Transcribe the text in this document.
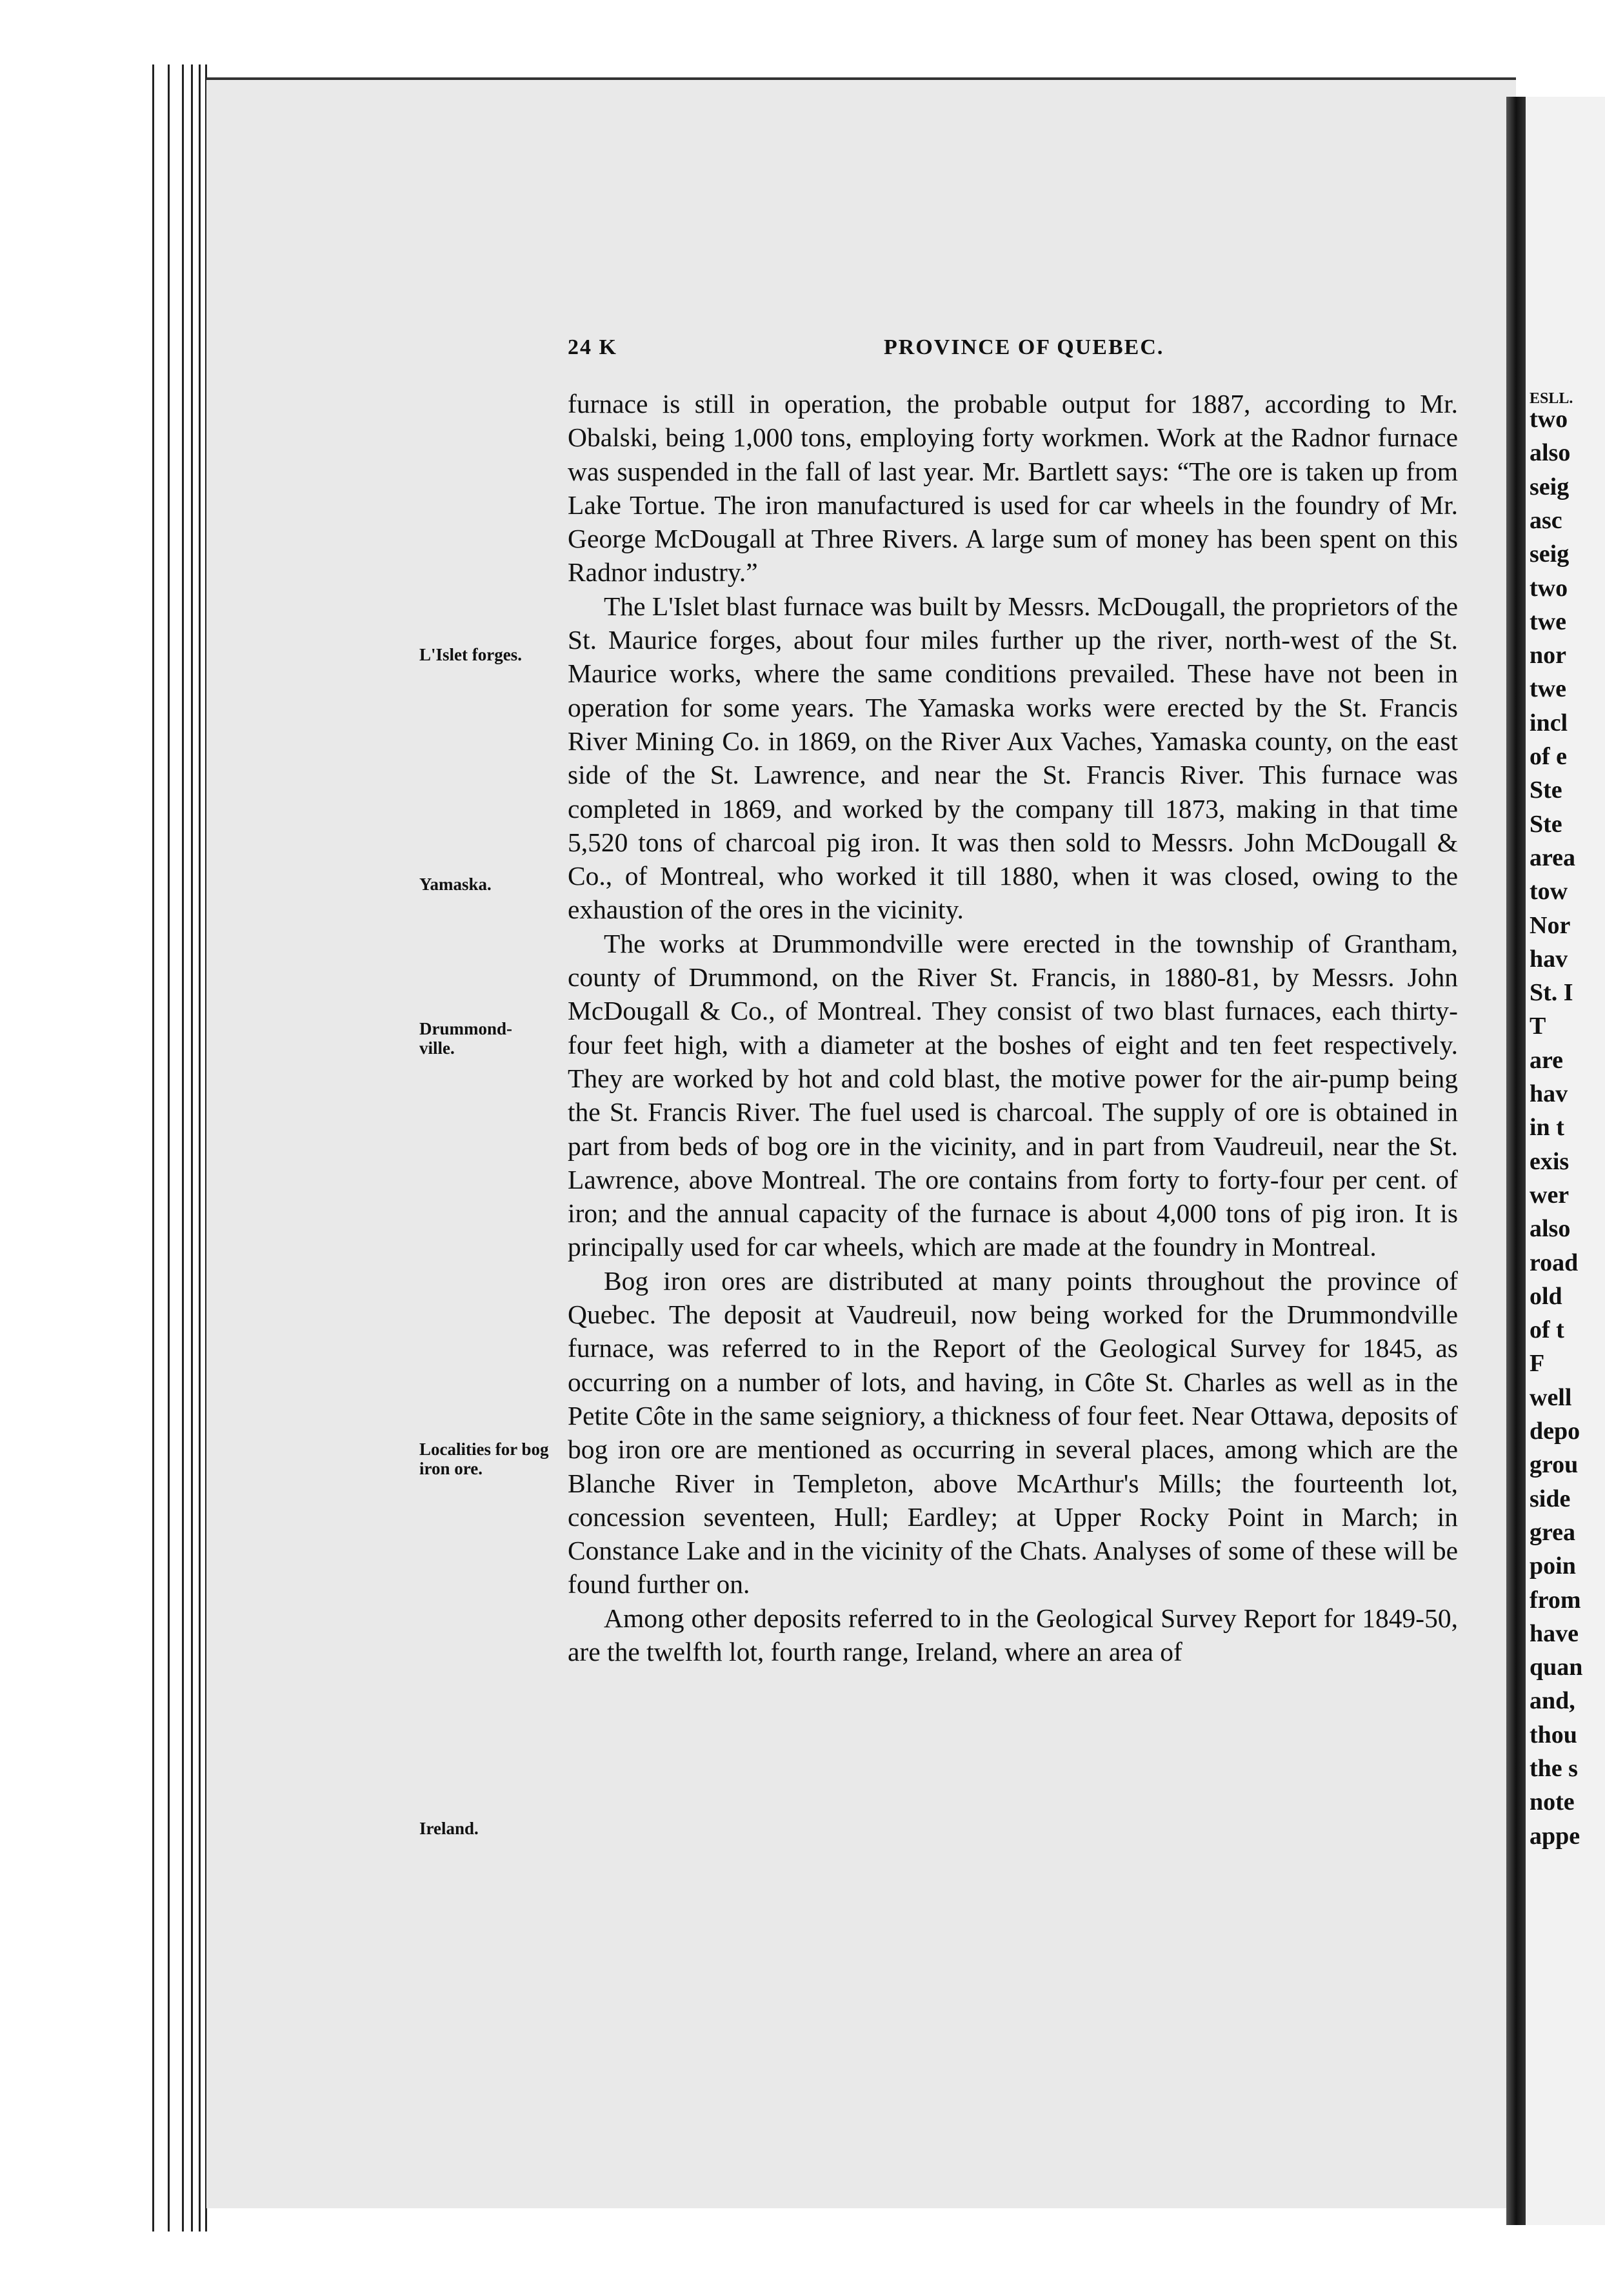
ESLL.
two
also
seig
asc
seig
two
twe
nor
twe
incl
of e
Ste
Ste
area
tow
Nor
hav
St. I
T
are
hav
in t
exis
wer
also
road
old
of t
F
well
depo
grou
side
grea
poin
from
have
quan
and,
thou
the s
note
appe
24 K	PROVINCE OF QUEBEC.
L'Islet forges.
Yamaska.
Drummond-ville.
Localities for bog iron ore.
Ireland.

furnace is still in operation, the probable output for 1887, according to Mr. Obalski, being 1,000 tons, employing forty workmen. Work at the Radnor furnace was suspended in the fall of last year. Mr. Bartlett says: “The ore is taken up from Lake Tortue. The iron manufactured is used for car wheels in the foundry of Mr. George McDougall at Three Rivers. A large sum of money has been spent on this Radnor industry.”

The L'Islet blast furnace was built by Messrs. McDougall, the proprietors of the St. Maurice forges, about four miles further up the river, north-west of the St. Maurice works, where the same conditions prevailed. These have not been in operation for some years. The Yamaska works were erected by the St. Francis River Mining Co. in 1869, on the River Aux Vaches, Yamaska county, on the east side of the St. Lawrence, and near the St. Francis River. This furnace was completed in 1869, and worked by the company till 1873, making in that time 5,520 tons of charcoal pig iron. It was then sold to Messrs. John McDougall & Co., of Montreal, who worked it till 1880, when it was closed, owing to the exhaustion of the ores in the vicinity.

The works at Drummondville were erected in the township of Grantham, county of Drummond, on the River St. Francis, in 1880-81, by Messrs. John McDougall & Co., of Montreal. They consist of two blast furnaces, each thirty-four feet high, with a diameter at the boshes of eight and ten feet respectively. They are worked by hot and cold blast, the motive power for the air-pump being the St. Francis River. The fuel used is charcoal. The supply of ore is obtained in part from beds of bog ore in the vicinity, and in part from Vaudreuil, near the St. Lawrence, above Montreal. The ore contains from forty to forty-four per cent. of iron; and the annual capacity of the furnace is about 4,000 tons of pig iron. It is principally used for car wheels, which are made at the foundry in Montreal.

Bog iron ores are distributed at many points throughout the province of Quebec. The deposit at Vaudreuil, now being worked for the Drummondville furnace, was referred to in the Report of the Geological Survey for 1845, as occurring on a number of lots, and having, in Côte St. Charles as well as in the Petite Côte in the same seigniory, a thickness of four feet. Near Ottawa, deposits of bog iron ore are mentioned as occurring in several places, among which are the Blanche River in Templeton, above McArthur's Mills; the fourteenth lot, concession seventeen, Hull; Eardley; at Upper Rocky Point in March; in Constance Lake and in the vicinity of the Chats. Analyses of some of these will be found further on.

Among other deposits referred to in the Geological Survey Report for 1849-50, are the twelfth lot, fourth range, Ireland, where an area of
